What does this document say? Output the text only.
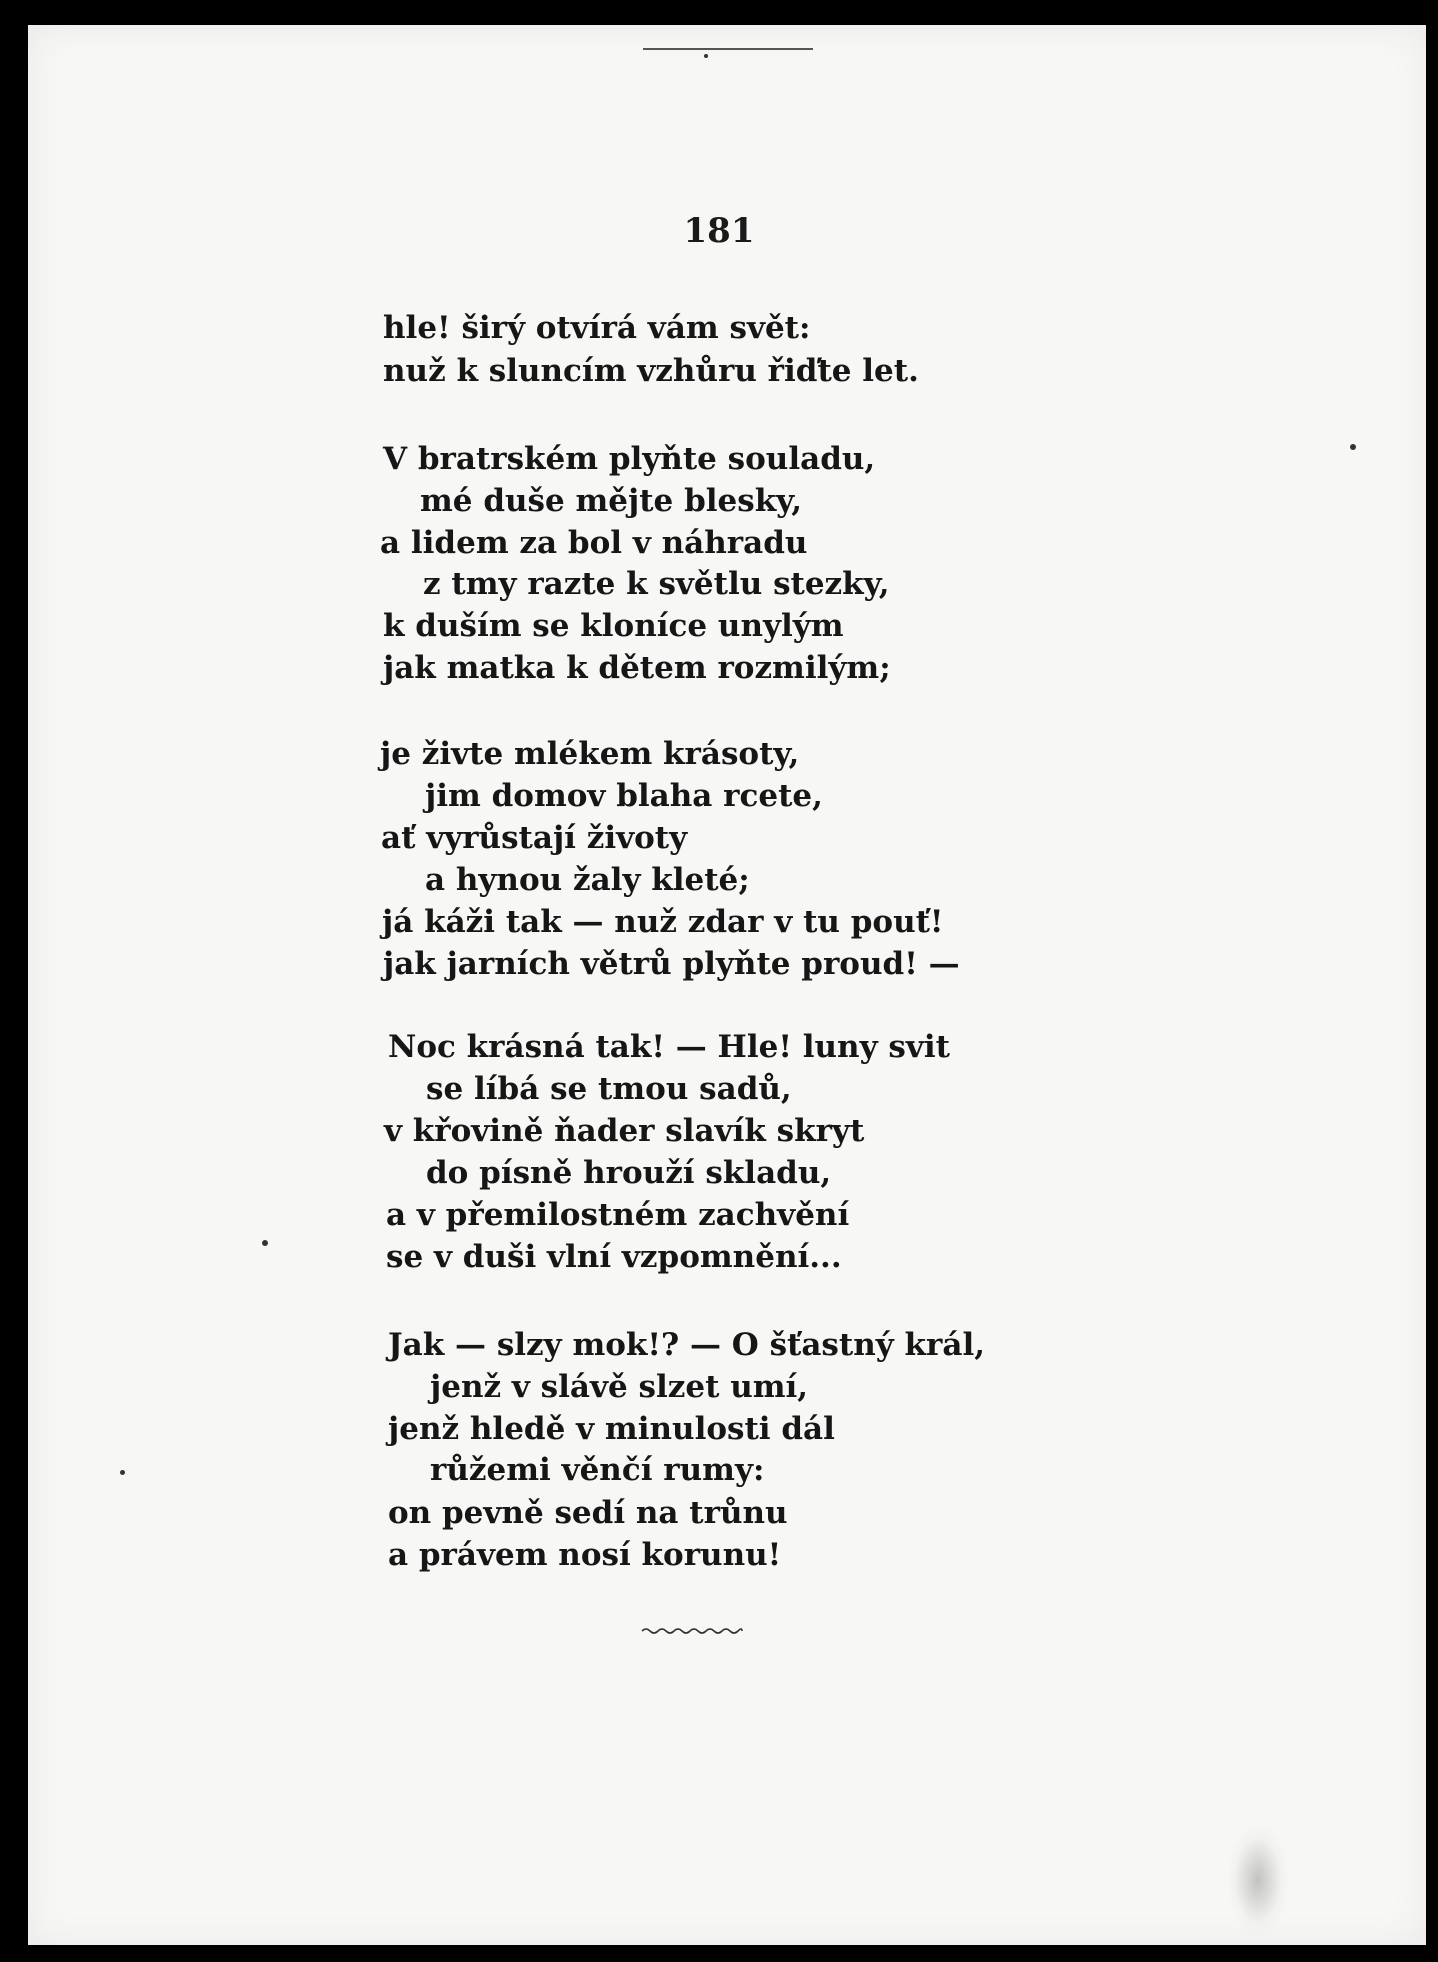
181
hle! širý otvírá vám svět:
nuž k sluncím vzhůru řiďte let.
V bratrském plyňte souladu,
mé duše mějte blesky,
a lidem za bol v náhradu
z tmy razte k světlu stezky,
k duším se kloníce unylým
jak matka k dětem rozmilým;
je živte mlékem krásoty,
jim domov blaha rcete,
ať vyrůstají životy
a hynou žaly kleté;
já káži tak — nuž zdar v tu pouť!
jak jarních větrů plyňte proud! —
Noc krásná tak! — Hle! luny svit
se líbá se tmou sadů,
v křovině ňader slavík skryt
do písně hrouží skladu,
a v přemilostném zachvění
se v duši vlní vzpomnění...
Jak — slzy mok!? — O šťastný král,
jenž v slávě slzet umí,
jenž hledě v minulosti dál
růžemi věnčí rumy:
on pevně sedí na trůnu
a právem nosí korunu!
